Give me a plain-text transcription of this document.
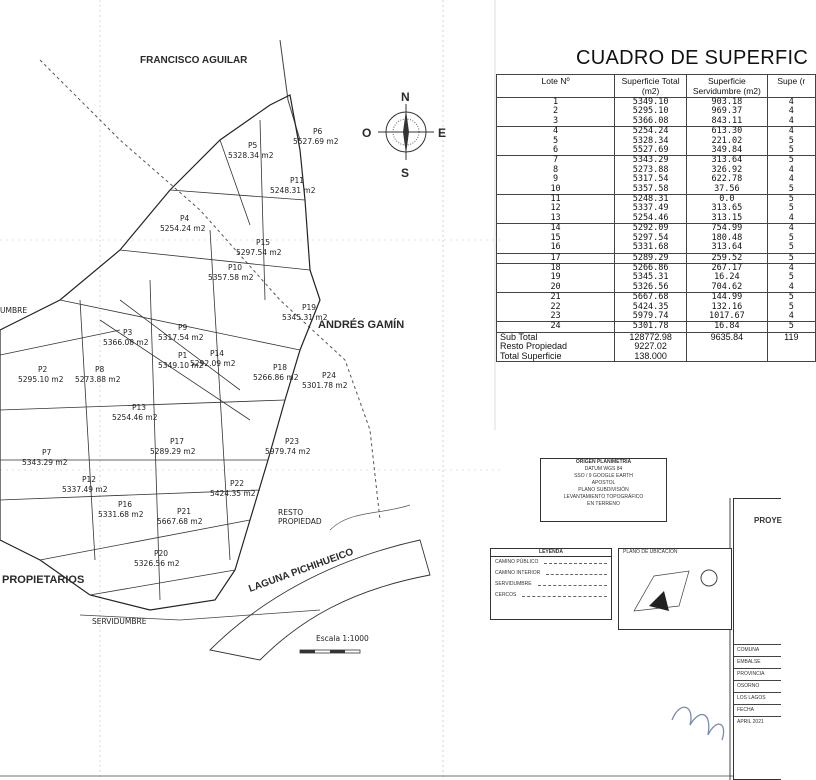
FRANCISCO AGUILAR
ANDRÉS GAMÍN
PROPIETARIOS
UMBRE
LAGUNA PICHIHUEICO
SERVIDUMBRE
RESTO
PROPIEDAD
P1
5349.10 m2
P2
5295.10 m2
P3
5366.08 m2
P4
5254.24 m2
P5
5328.34 m2
P6
5527.69 m2
P7
5343.29 m2
P8
5273.88 m2
P9
5317.54 m2
P10
5357.58 m2
P11
5248.31 m2
P12
5337.49 m2
P13
5254.46 m2
P14
5292.09 m2
P15
5297.54 m2
P16
5331.68 m2
P17
5289.29 m2
P18
5266.86 m2
P19
5345.31 m2
P20
5326.56 m2
P21
5667.68 m2
P22
5424.35 m2
P23
5979.74 m2
P24
5301.78 m2
N
S
E
O
Escala 1:1000
CUADRO DE SUPERFIC
Lote Nº	Superficie Total (m2)	Superficie Servidumbre (m2)	Supe (r
1	5349.10	903.18	4
2	5295.10	969.37	4
3	5366.08	843.11	4
4	5254.24	613.30	4
5	5328.34	221.02	5
6	5527.69	349.84	5
7	5343.29	313.64	5
8	5273.88	326.92	4
9	5317.54	622.78	4
10	5357.58	37.56	5
11	5248.31	0.0	5
12	5337.49	313.65	5
13	5254.46	313.15	4
14	5292.09	754.99	4
15	5297.54	180.48	5
16	5331.68	313.64	5
17	5289.29	259.52	5
18	5266.86	267.17	4
19	5345.31	16.24	5
20	5326.56	704.62	4
21	5667.68	144.99	5
22	5424.35	132.16	5
23	5979.74	1017.67	4
24	5301.78	16.84	5
Sub Total	128772.98	9635.84	119
Resto Propiedad	9227.02		
Total Superficie	138.000		
ORIGEN PLANIMETRIA
DATUM WGS 84
SSO / 9 GOOGLE EARTH
APOSTOL
PLANO SUBDIVISIÓN
LEVANTAMIENTO TOPOGRÁFICO
EN TERRENO
LEYENDA
CAMINO PÚBLICO
CAMINO INTERIOR
SERVIDUMBRE
CERCOS
PLANO DE UBICACIÓN
PROYE
COMUNA
EMBALSE
PROVINCIA
OSORNO
LOS LAGOS
FECHA
APRIL 2021
